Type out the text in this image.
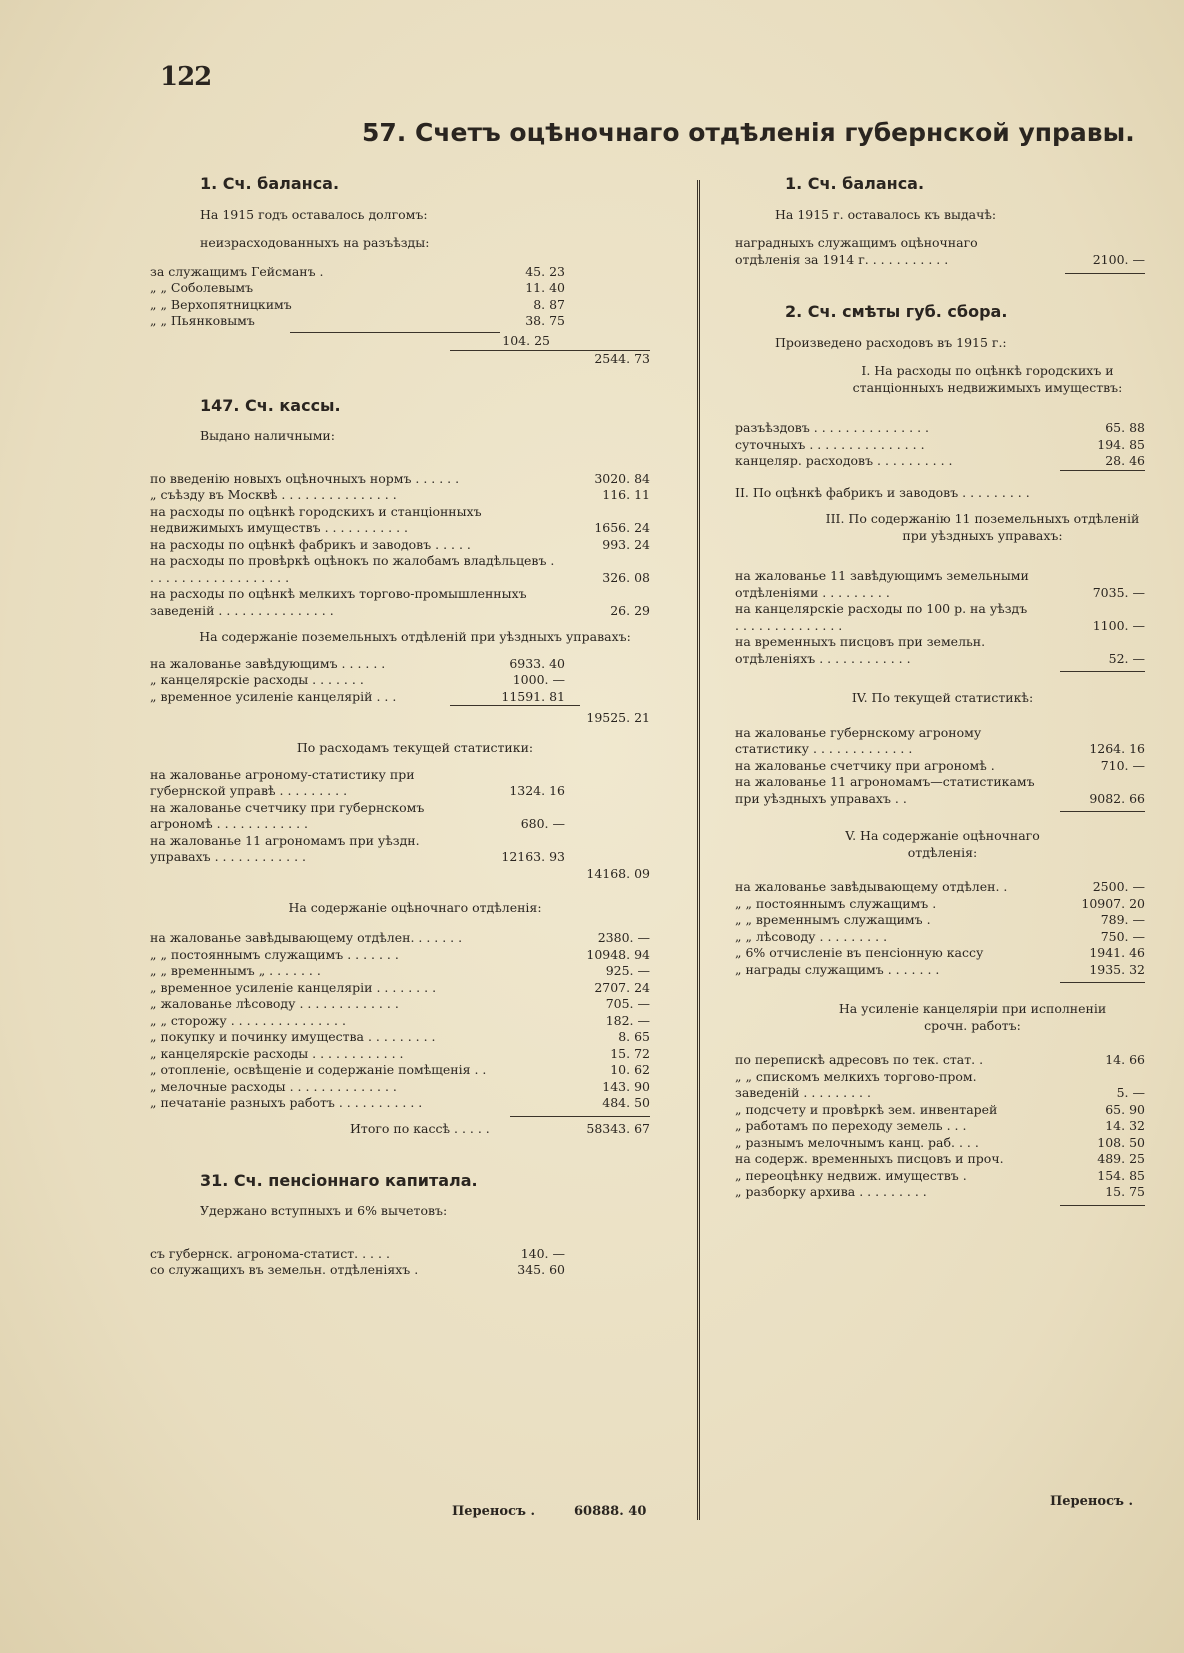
122
57. Счетъ оцѣночнаго отдѣленія губернской управы.
1. Сч. баланса.
На 1915 годъ оставалось долгомъ:
неизрасходованныхъ на разъѣзды:
за служащимъ Гейсманъ .	45. 23
„ „ Соболевымъ	11. 40
„ „ Верхопятницкимъ	8. 87
„ „ Пьянковымъ	38. 75
104. 25
2544. 73
147. Сч. кассы.
Выдано наличными:
по введенію новыхъ оцѣночныхъ нормъ . . . . . .	3020. 84
„ съѣзду въ Москвѣ . . . . . . . . . . . . . . .	116. 11
на расходы по оцѣнкѣ городскихъ и станціонныхъ недвижимыхъ имуществъ . . . . . . . . . . .	1656. 24
на расходы по оцѣнкѣ фабрикъ и заводовъ . . . . .	993. 24
на расходы по провѣркѣ оцѣнокъ по жалобамъ владѣльцевъ . . . . . . . . . . . . . . . . . . .	326. 08
на расходы по оцѣнкѣ мелкихъ торгово-промышленныхъ заведеній . . . . . . . . . . . . . . .	26. 29
На содержаніе поземельныхъ отдѣленій при уѣздныхъ управахъ:
на жалованье завѣдующимъ . . . . . .	6933. 40
„ канцелярскіе расходы . . . . . . .	1000. —
„ временное усиленіе канцелярій . . .	11591. 81
19525. 21
По расходамъ текущей статистики:
на жалованье агроному-статистику при губернской управѣ . . . . . . . . .	1324. 16
на жалованье счетчику при губернскомъ агрономѣ . . . . . . . . . . . .	680. —
на жалованье 11 агрономамъ при уѣздн. управахъ . . . . . . . . . . . .	12163. 93
14168. 09
На содержаніе оцѣночнаго отдѣленія:
на жалованье завѣдывающему отдѣлен. . . . . . .	2380. —
„ „ постояннымъ служащимъ . . . . . . .	10948. 94
„ „ временнымъ „ . . . . . . .	925. —
„ временное усиленіе канцеляріи . . . . . . . .	2707. 24
„ жалованье лѣсоводу . . . . . . . . . . . . .	705. —
„ „ сторожу . . . . . . . . . . . . . . .	182. —
„ покупку и починку имущества . . . . . . . . .	8. 65
„ канцелярскіе расходы . . . . . . . . . . . .	15. 72
„ отопленіе, освѣщеніе и содержаніе помѣщенія . .	10. 62
„ мелочные расходы . . . . . . . . . . . . . .	143. 90
„ печатаніе разныхъ работъ . . . . . . . . . . .	484. 50
Итого по кассѣ . . . . .	58343. 67
31. Сч. пенсіоннаго капитала.
Удержано вступныхъ и 6% вычетовъ:
съ губернск. агронома-статист. . . . .	140. —
со служащихъ въ земельн. отдѣленіяхъ .	345. 60
Переносъ .	60888. 40
1. Сч. баланса.
На 1915 г. оставалось къ выдачѣ:
наградныхъ служащимъ оцѣночнаго отдѣленія за 1914 г. . . . . . . . . . .	2100. —
2. Сч. смѣты губ. сбора.
Произведено расходовъ въ 1915 г.:
I. На расходы по оцѣнкѣ городскихъ и станціонныхъ недвижимыхъ имуществъ:
разъѣздовъ . . . . . . . . . . . . . . .	65. 88
суточныхъ . . . . . . . . . . . . . . .	194. 85
канцеляр. расходовъ . . . . . . . . . .	28. 46
II. По оцѣнкѣ фабрикъ и заводовъ . . . . . . . . .
III. По содержанію 11 поземельныхъ отдѣленій при уѣздныхъ управахъ:
на жалованье 11 завѣдующимъ земельными отдѣленіями . . . . . . . . .	7035. —
на канцелярскіе расходы по 100 р. на уѣздъ . . . . . . . . . . . . . .	1100. —
на временныхъ писцовъ при земельн. отдѣленіяхъ . . . . . . . . . . . .	52. —
IV. По текущей статистикѣ:
на жалованье губернскому агроному статистику . . . . . . . . . . . . .	1264. 16
на жалованье счетчику при агрономѣ .	710. —
на жалованье 11 агрономамъ—статистикамъ при уѣздныхъ управахъ . .	9082. 66
V. На содержаніе оцѣночнаго отдѣленія:
на жалованье завѣдывающему отдѣлен. .	2500. —
„ „ постояннымъ служащимъ .	10907. 20
„ „ временнымъ служащимъ .	789. —
„ „ лѣсоводу . . . . . . . . .	750. —
„ 6% отчисленіе въ пенсіонную кассу	1941. 46
„ награды служащимъ . . . . . . .	1935. 32
На усиленіе канцеляріи при исполненіи срочн. работъ:
по перепискѣ адресовъ по тек. стат. .	14. 66
„ „ спискомъ мелкихъ торгово-пром. заведеній . . . . . . . . .	5. —
„ подсчету и провѣркѣ зем. инвентарей	65. 90
„ работамъ по переходу земель . . .	14. 32
„ разнымъ мелочнымъ канц. раб. . . .	108. 50
на содерж. временныхъ писцовъ и проч.	489. 25
„ переоцѣнку недвиж. имуществъ .	154. 85
„ разборку архива . . . . . . . . .	15. 75
Переносъ .
